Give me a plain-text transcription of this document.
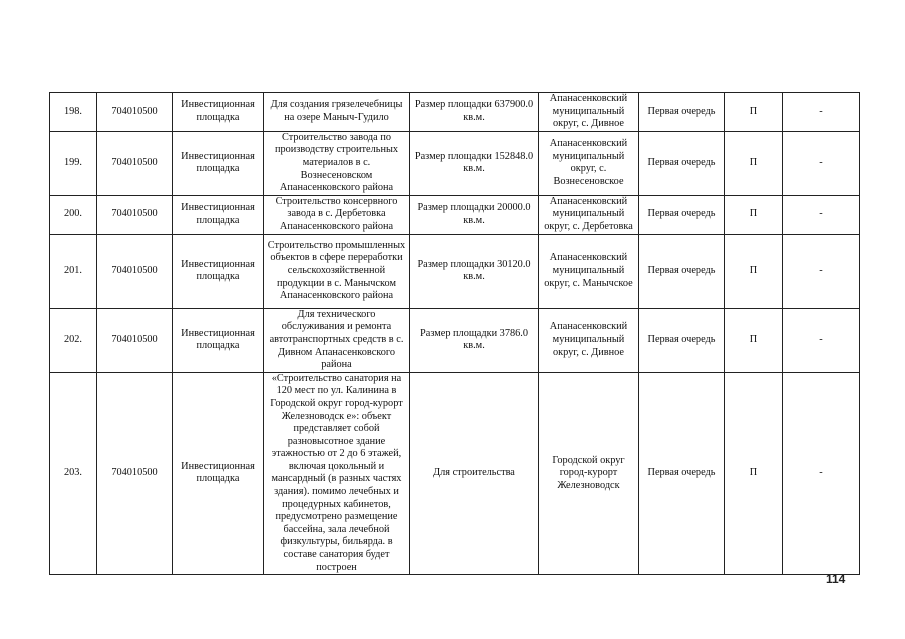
198.	704010500	Инвестиционная площадка	Для создания грязелечебницы на озере Маныч-Гудило	Размер площадки 637900.0 кв.м.	Апанасенковский муниципальный округ, с. Дивное	Первая очередь	П	-
199.	704010500	Инвестиционная площадка	Строительство завода по производству строительных материалов в с. Вознесеновском Апанасенковского района	Размер площадки 152848.0 кв.м.	Апанасенковский муниципальный округ, с. Вознесеновское	Первая очередь	П	-
200.	704010500	Инвестиционная площадка	Строительство консервного завода в с. Дербетовка Апанасенковского района	Размер площадки 20000.0 кв.м.	Апанасенковский муниципальный округ, с. Дербетовка	Первая очередь	П	-
201.	704010500	Инвестиционная площадка	Строительство промышленных объектов в сфере переработки сельскохозяйственной продукции в с. Манычском Апанасенковского района	Размер площадки 30120.0 кв.м.	Апанасенковский муниципальный округ, с. Манычское	Первая очередь	П	-
202.	704010500	Инвестиционная площадка	Для технического обслуживания и ремонта автотранспортных средств в с. Дивном Апанасенковского района	Размер площадки 3786.0 кв.м.	Апанасенковский муниципальный округ, с. Дивное	Первая очередь	П	-
203.	704010500	Инвестиционная площадка	«Строительство санатория на 120 мест по ул. Калинина в Городской округ город-курорт Железноводск е»: объект представляет собой разновысотное здание этажностью от 2 до 6 этажей, включая цокольный и мансардный (в разных частях здания). помимо лечебных и процедурных кабинетов, предусмотрено размещение бассейна, зала лечебной физкультуры, бильярда. в составе санатория будет построен	Для строительства	Городской округ город-курорт Железноводск	Первая очередь	П	-
114
